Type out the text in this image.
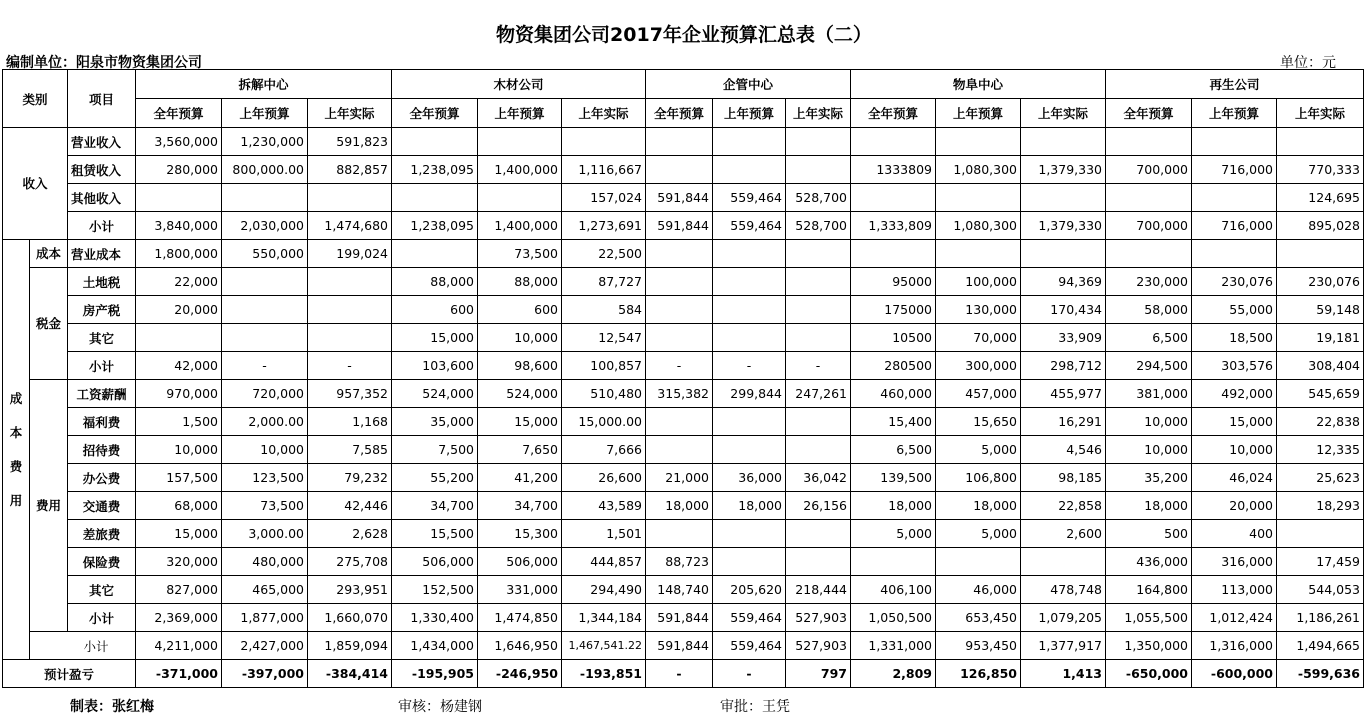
物资集团公司2017年企业预算汇总表（二）
编制单位：阳泉市物资集团公司	单位：元
类别		项目	拆解中心			木材公司			企管中心			物阜中心			再生公司		
			全年预算	上年预算	上年实际	全年预算	上年预算	上年实际	全年预算	上年预算	上年实际	全年预算	上年预算	上年实际	全年预算	上年预算	上年实际
收入		营业收入	3,560,000	1,230,000	591,823												
		租赁收入	280,000	800,000.00	882,857	1,238,095	1,400,000	1,116,667				1333809	1,080,300	1,379,330	700,000	716,000	770,333
		其他收入						157,024	591,844	559,464	528,700						124,695
		小计	3,840,000	2,030,000	1,474,680	1,238,095	1,400,000	1,273,691	591,844	559,464	528,700	1,333,809	1,080,300	1,379,330	700,000	716,000	895,028

成
本
费
用	成本	营业成本	1,800,000	550,000	199,024		73,500	22,500									
	税金	土地税	22,000			88,000	88,000	87,727				95000	100,000	94,369	230,000	230,076	230,076
		房产税	20,000			600	600	584				175000	130,000	170,434	58,000	55,000	59,148
		其它				15,000	10,000	12,547				10500	70,000	33,909	6,500	18,500	19,181
		小计	42,000	-	-	103,600	98,600	100,857	-	-	-	280500	300,000	298,712	294,500	303,576	308,404
	费用	工资薪酬	970,000	720,000	957,352	524,000	524,000	510,480	315,382	299,844	247,261	460,000	457,000	455,977	381,000	492,000	545,659
		福利费	1,500	2,000.00	1,168	35,000	15,000	15,000.00				15,400	15,650	16,291	10,000	15,000	22,838
		招待费	10,000	10,000	7,585	7,500	7,650	7,666				6,500	5,000	4,546	10,000	10,000	12,335
		办公费	157,500	123,500	79,232	55,200	41,200	26,600	21,000	36,000	36,042	139,500	106,800	98,185	35,200	46,024	25,623
		交通费	68,000	73,500	42,446	34,700	34,700	43,589	18,000	18,000	26,156	18,000	18,000	22,858	18,000	20,000	18,293
		差旅费	15,000	3,000.00	2,628	15,500	15,300	1,501				5,000	5,000	2,600	500	400	
		保险费	320,000	480,000	275,708	506,000	506,000	444,857	88,723						436,000	316,000	17,459
		其它	827,000	465,000	293,951	152,500	331,000	294,490	148,740	205,620	218,444	406,100	46,000	478,748	164,800	113,000	544,053
		小计	2,369,000	1,877,000	1,660,070	1,330,400	1,474,850	1,344,184	591,844	559,464	527,903	1,050,500	653,450	1,079,205	1,055,500	1,012,424	1,186,261
	小计		4,211,000	2,427,000	1,859,094	1,434,000	1,646,950	1,467,541.22	591,844	559,464	527,903	1,331,000	953,450	1,377,917	1,350,000	1,316,000	1,494,665
预计盈亏			-371,000	-397,000	-384,414	-195,905	-246,950	-193,851	-	-	797	2,809	126,850	1,413	-650,000	-600,000	-599,636
制表：张红梅	审核：杨建钢	审批：王凭
